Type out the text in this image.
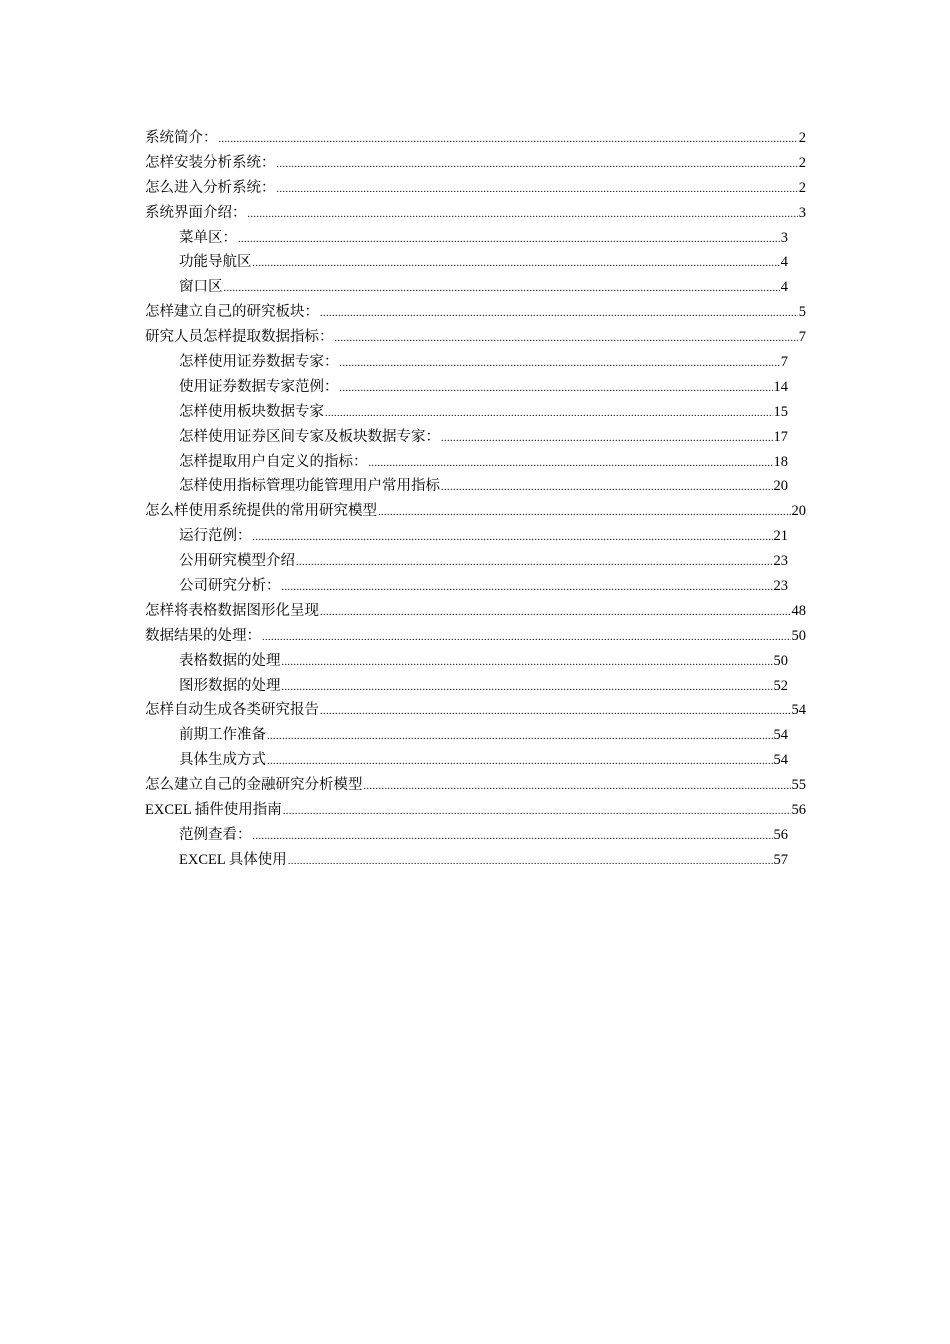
系统简介： .....	2
怎样安装分析系统： .....	2
怎么进入分析系统： .....	2
系统界面介绍： .....	3
菜单区： .....	3
功能导航区 .....	4
窗口区 .....	4
怎样建立自己的研究板块： .....	5
研究人员怎样提取数据指标： .....	7
怎样使用证券数据专家： .....	7
使用证券数据专家范例： .....	14
怎样使用板块数据专家 .....	15
怎样使用证券区间专家及板块数据专家： .....	17
怎样提取用户自定义的指标： .....	18
怎样使用指标管理功能管理用户常用指标 .....	20
怎么样使用系统提供的常用研究模型 .....	20
运行范例： .....	21
公用研究模型介绍 .....	23
公司研究分析： .....	23
怎样将表格数据图形化呈现 .....	48
数据结果的处理： .....	50
表格数据的处理 .....	50
图形数据的处理 .....	52
怎样自动生成各类研究报告 .....	54
前期工作准备 .....	54
具体生成方式 .....	54
怎么建立自己的金融研究分析模型 .....	55
EXCEL 插件使用指南 .....	56
范例查看： .....	56
EXCEL 具体使用 .....	57
